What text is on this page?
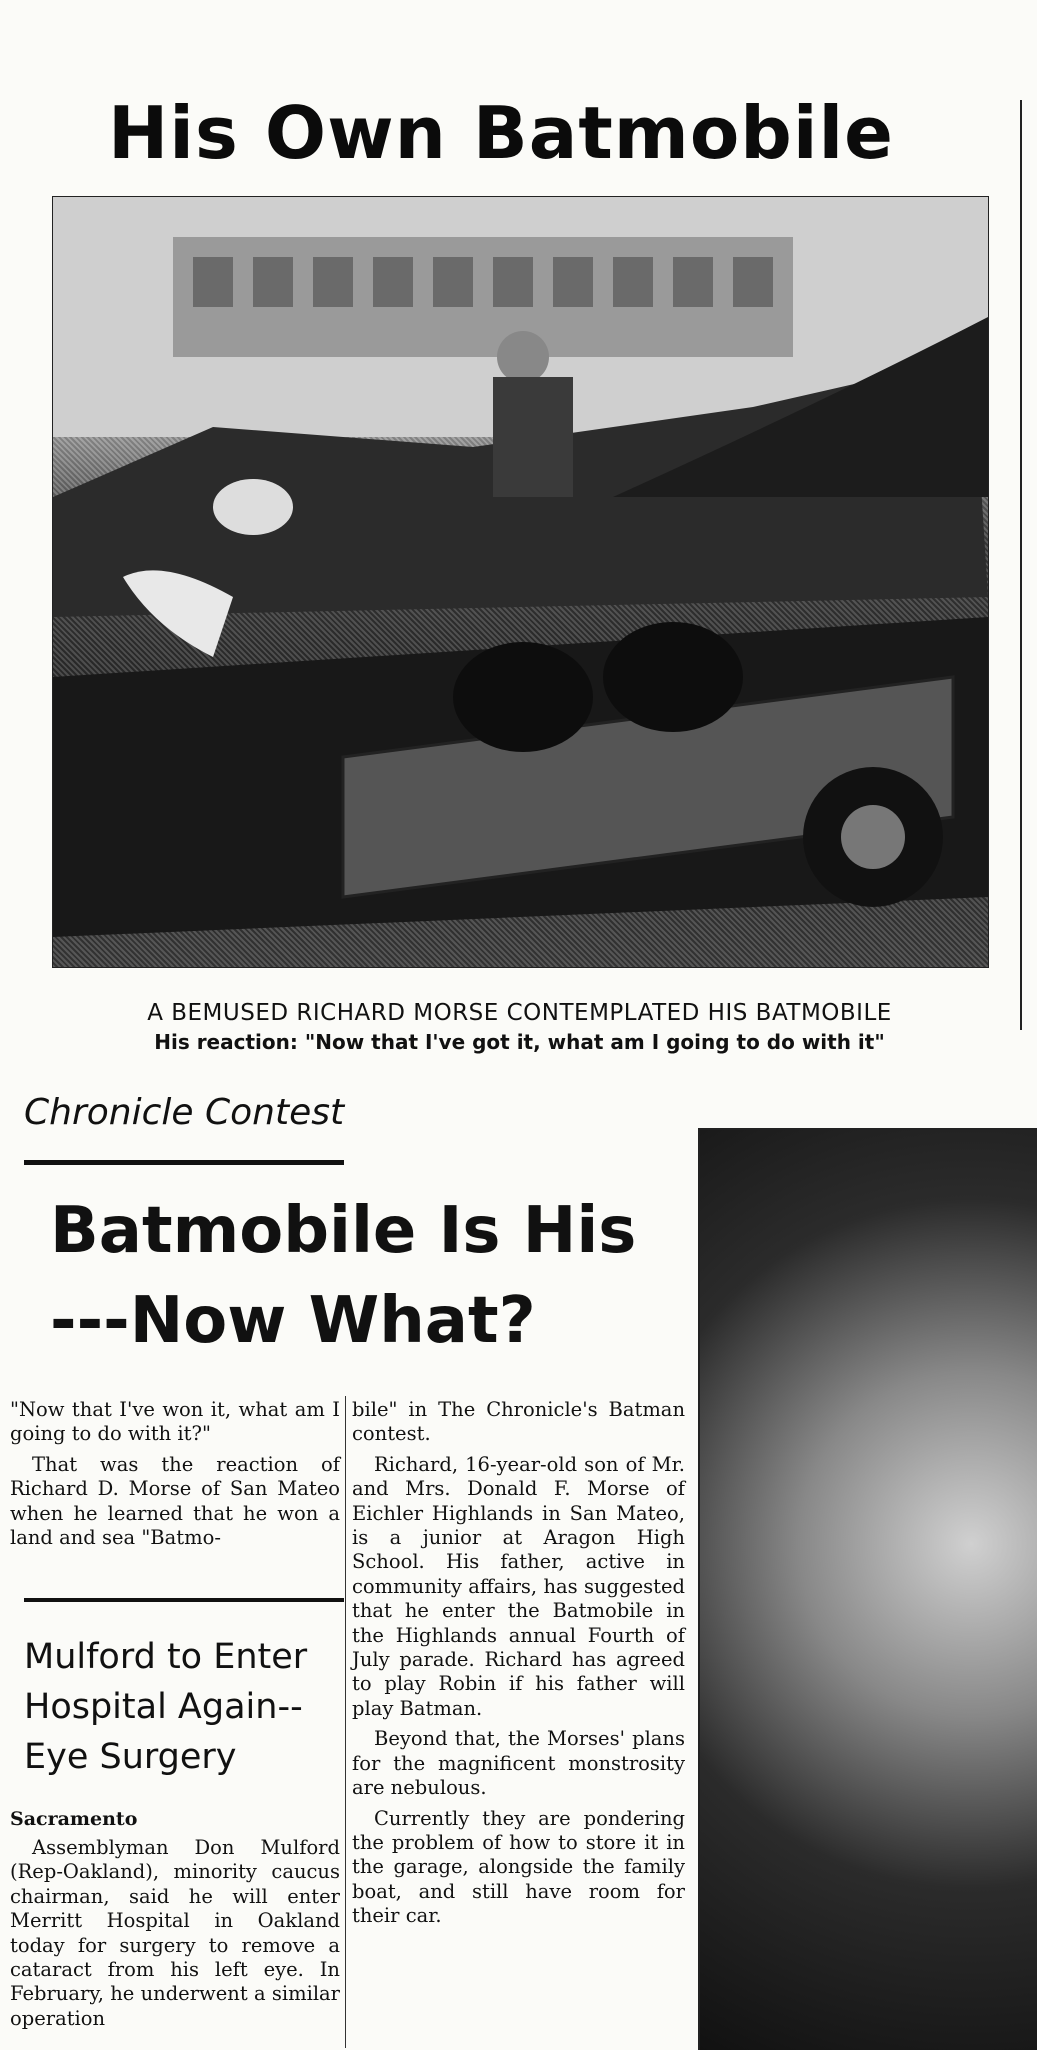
His Own Batmobile
A BEMUSED RICHARD MORSE CONTEMPLATED HIS BATMOBILE
His reaction: "Now that I've got it, what am I going to do with it"
Chronicle Contest
Batmobile Is His
---Now What?

"Now that I've won it, what am I going to do with it?"

That was the reaction of Richard D. Morse of San Mateo when he learned that he won a land and sea "Batmo-

bile" in The Chronicle's Batman contest.

Richard, 16-year-old son of Mr. and Mrs. Donald F. Morse of Eichler Highlands in San Mateo, is a junior at Aragon High School. His father, active in community affairs, has suggested that he enter the Batmobile in the Highlands annual Fourth of July parade. Richard has agreed to play Robin if his father will play Batman.

Beyond that, the Morses' plans for the magnificent monstrosity are nebulous.

Currently they are pondering the problem of how to store it in the garage, alongside the family boat, and still have room for their car.

Mulford to Enter
Hospital Again--
Eye Surgery
Sacramento

Assemblyman Don Mulford (Rep-Oakland), minority caucus chairman, said he will enter Merritt Hospital in Oakland today for surgery to remove a cataract from his left eye. In February, he underwent a similar operation
